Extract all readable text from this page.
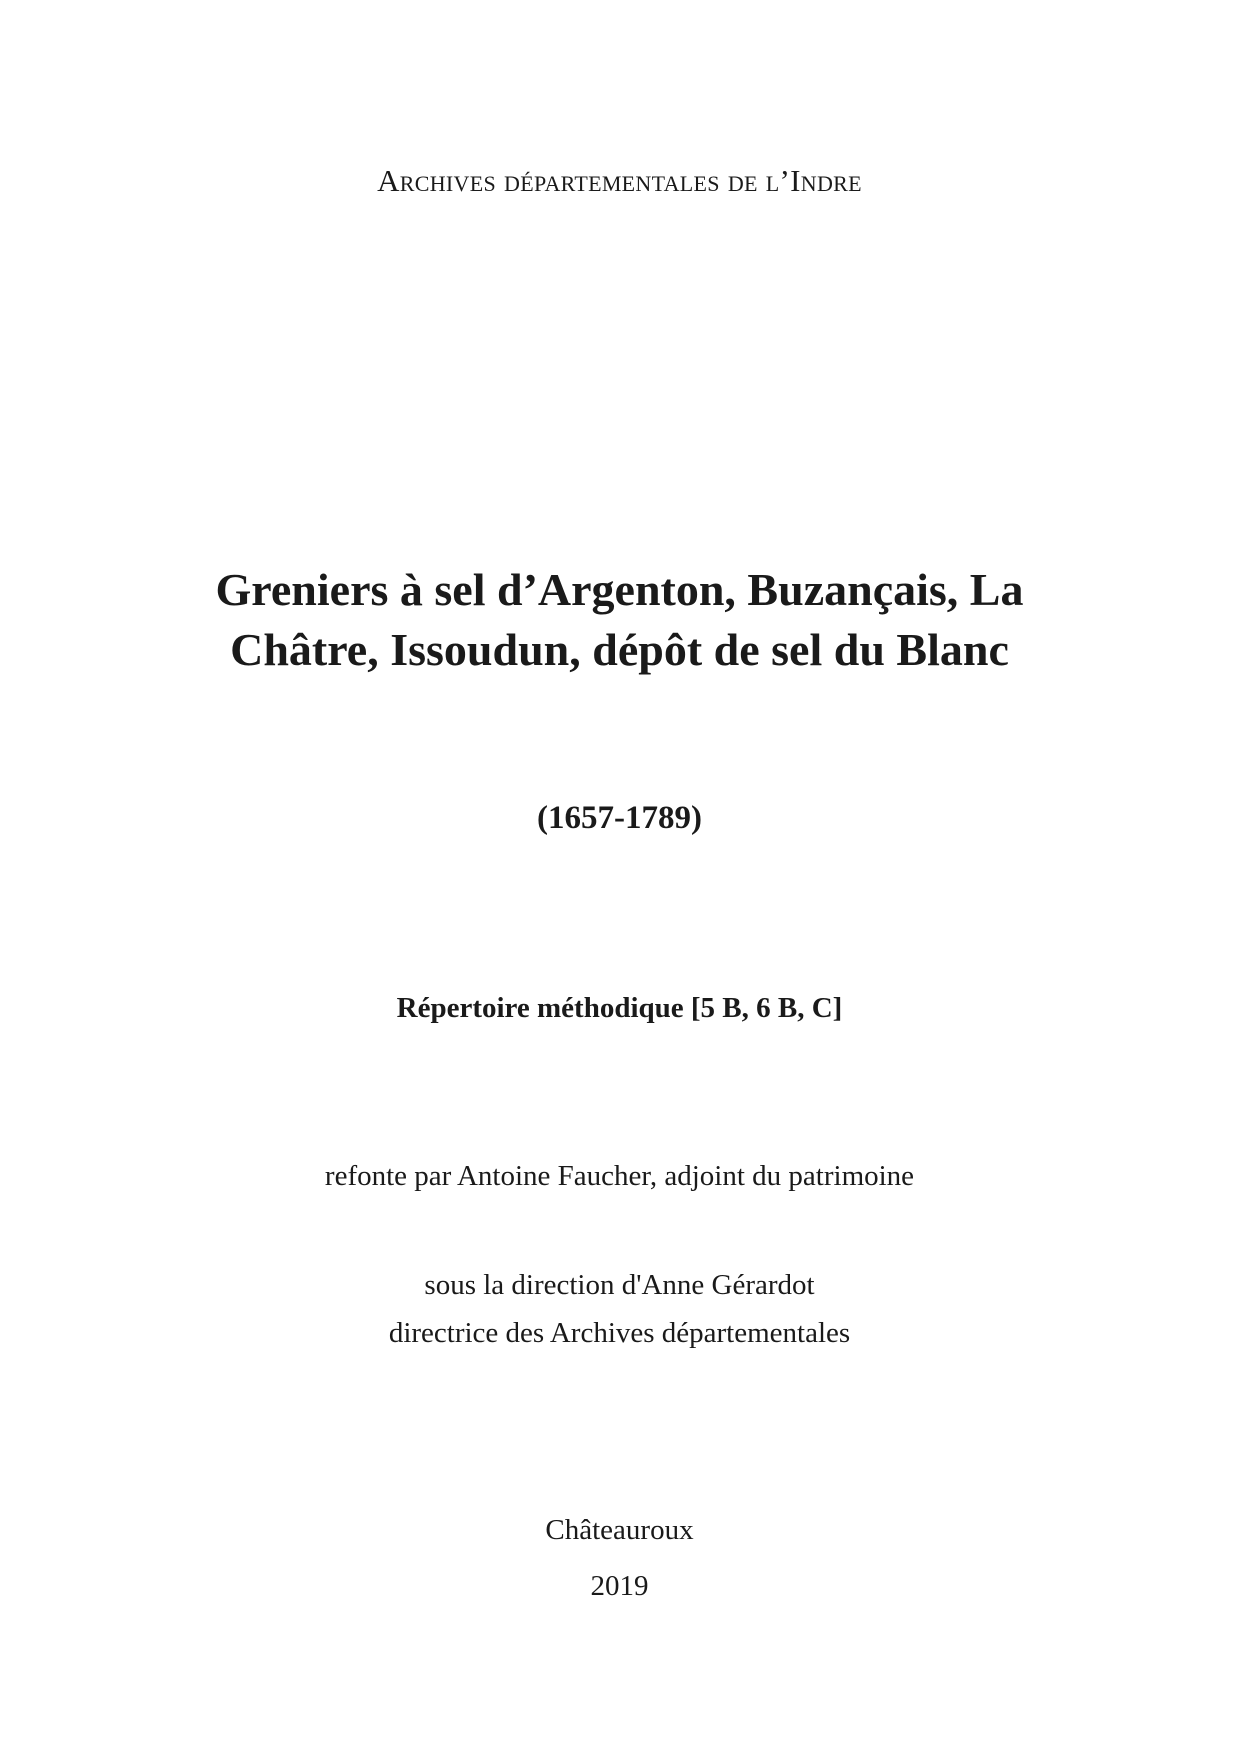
Archives départementales de l’Indre
Greniers à sel d’Argenton, Buzançais, La
Châtre, Issoudun, dépôt de sel du Blanc
(1657-1789)
Répertoire méthodique [5 B, 6 B, C]
refonte par Antoine Faucher, adjoint du patrimoine
sous la direction d'Anne Gérardot
directrice des Archives départementales
Châteauroux
2019
